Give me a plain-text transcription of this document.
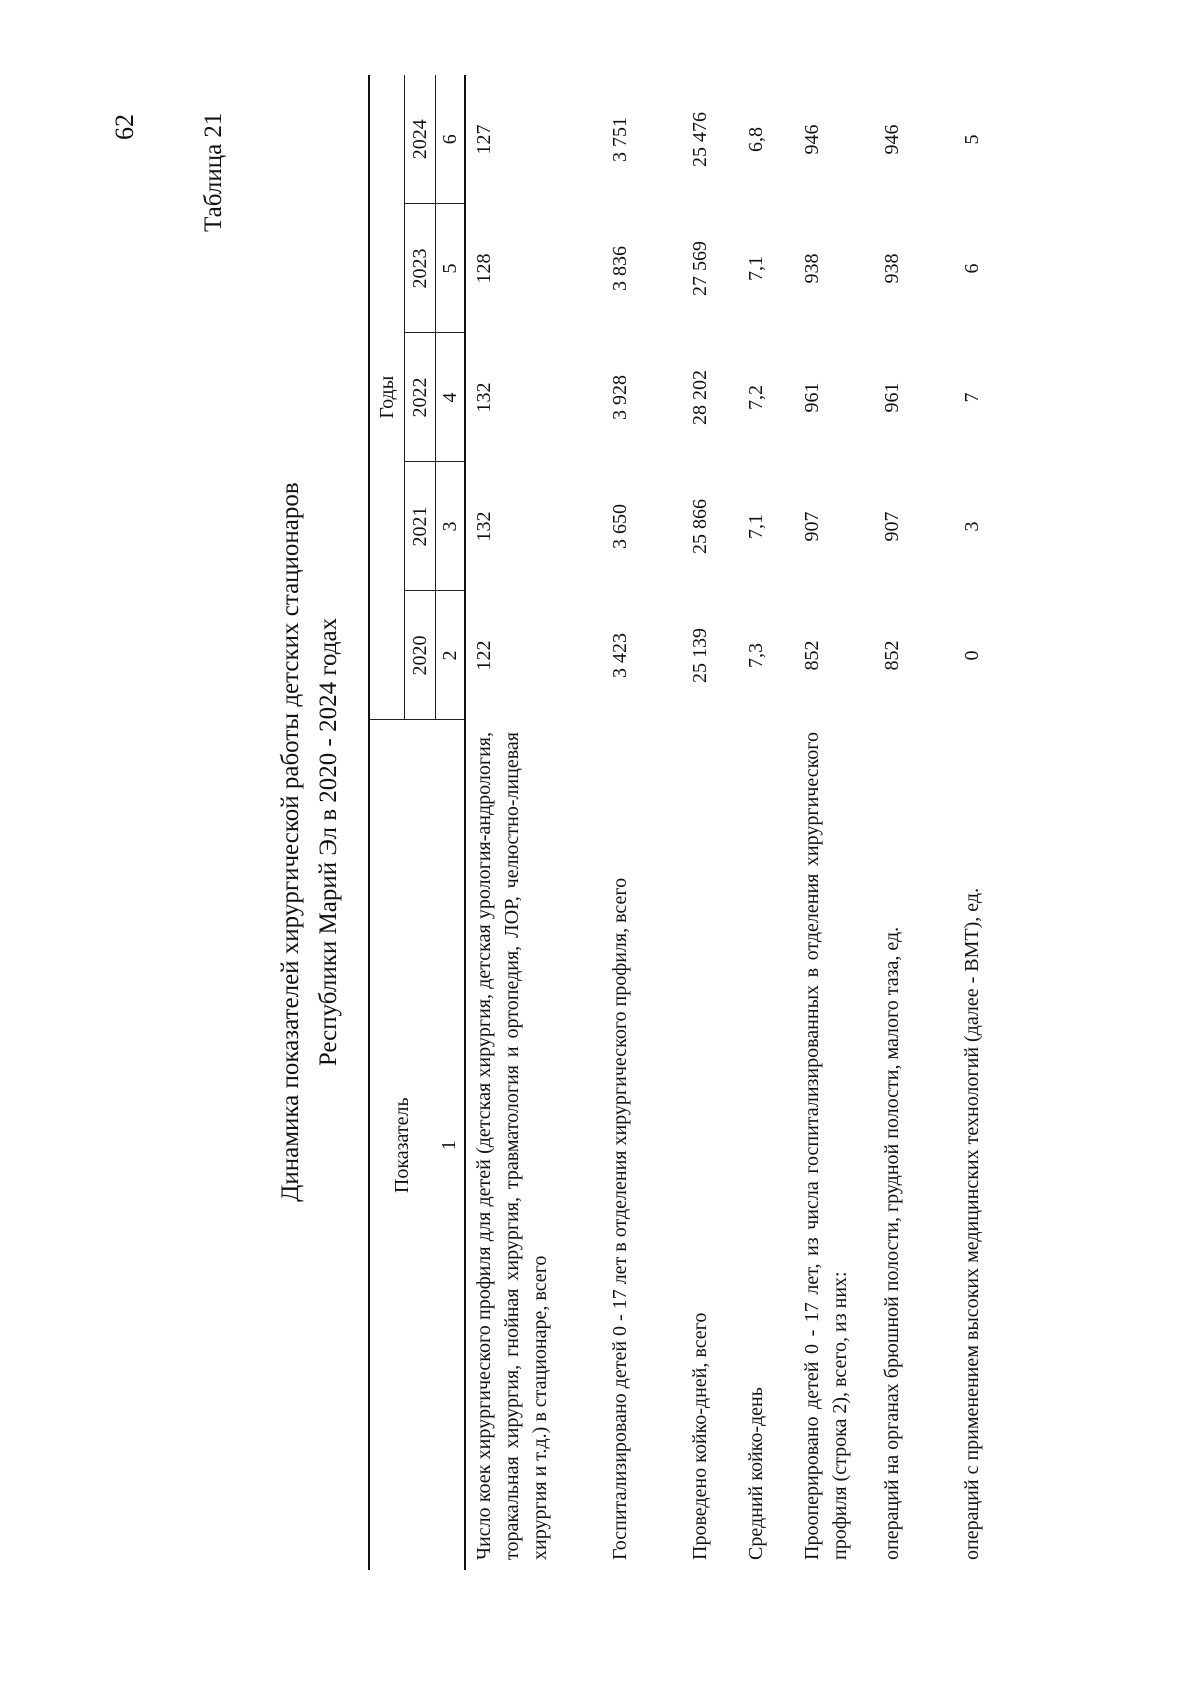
62 Таблица 21
Динамика показателей хирургической работы детских стационаров Республики Марий Эл в 2020 - 2024 годах
Показатель	Годы				
	2020	2021	2022	2023	2024
1	2	3	4	5	6
Число коек хирургического профиля для детей (детская хирургия, детская урология-андрология, торакальная хирургия, гнойная хирургия, травматология и ортопедия, ЛОР, челюстно-лицевая хирургия и т.д.) в стационаре, всего	122	132	132	128	127
Госпитализировано детей 0 - 17 лет в отделения хирургического профиля, всего	3 423	3 650	3 928	3 836	3 751
Проведено койко-дней, всего	25 139	25 866	28 202	27 569	25 476
Средний койко-день	7,3	7,1	7,2	7,1	6,8
Прооперировано детей 0 - 17 лет, из числа госпитализированных в отделения хирургического профиля (строка 2), всего, из них:	852	907	961	938	946
операций на органах брюшной полости, грудной полости, малого таза, ед.	852	907	961	938	946
операций с применением высоких медицинских технологий (далее - ВМТ), ед.	0	3	7	6	5
